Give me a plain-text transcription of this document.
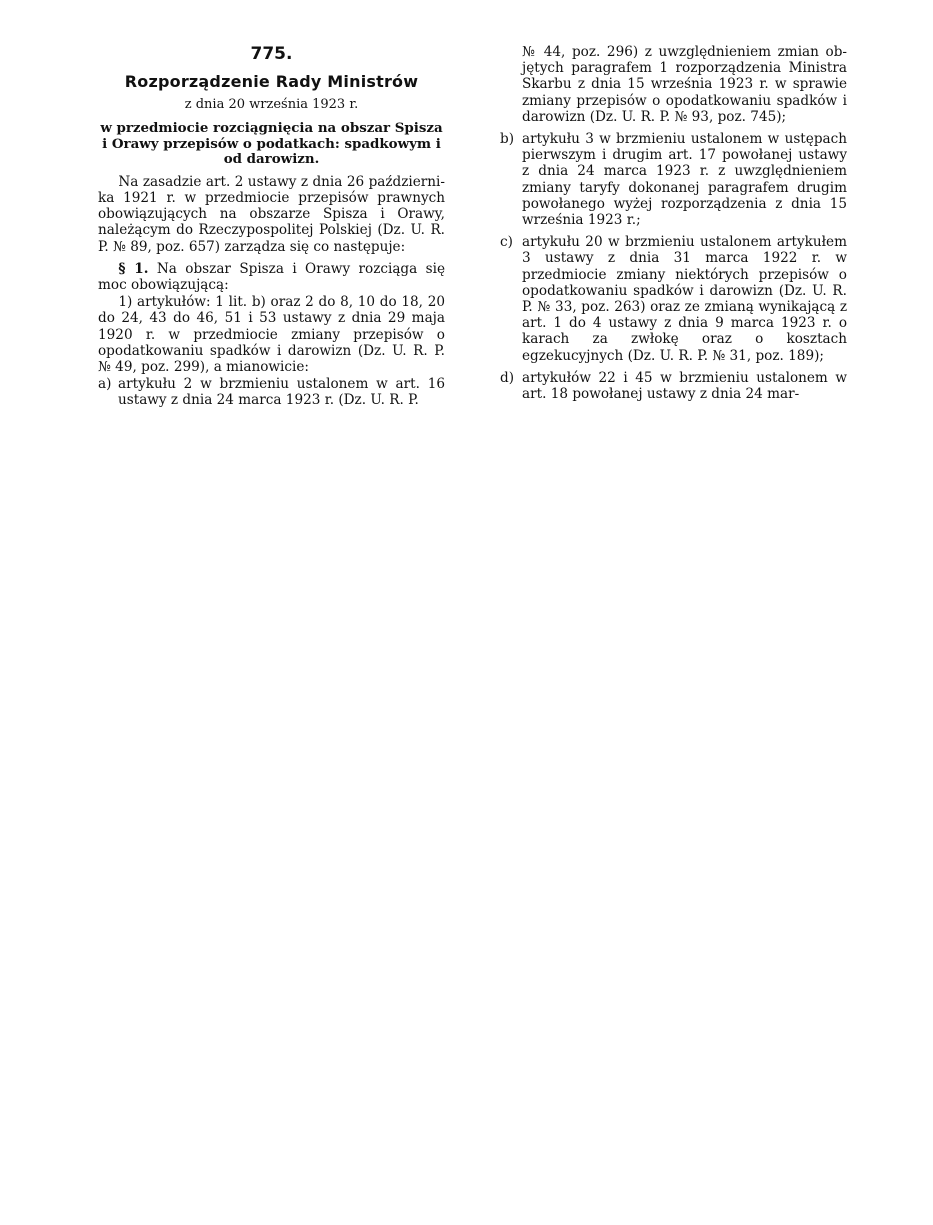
775.
Rozporządzenie Rady Ministrów
z dnia 20 września 1923 r.
w przedmiocie rozciągnięcia na obszar Spisza i Orawy przepisów o podatkach: spadkowym i od darowizn.
Na zasadzie art. 2 ustawy z dnia 26 października 1921 r. w przedmiocie przepisów prawnych obowiązujących na obszarze Spisza i Orawy, należącym do Rzeczypospolitej Polskiej (Dz. U. R. P. № 89, poz. 657) zarządza się co następuje:
§ 1. Na obszar Spisza i Orawy rozciąga się moc obowiązującą:
1) artykułów: 1 lit. b) oraz 2 do 8, 10 do 18, 20 do 24, 43 do 46, 51 i 53 ustawy z dnia 29 maja 1920 r. w przedmiocie zmiany przepisów o opodatkowaniu spadków i darowizn (Dz. U. R. P. № 49, poz. 299), a mianowicie:
a) artykułu 2 w brzmieniu ustalonem w art. 16 ustawy z dnia 24 marca 1923 r. (Dz. U. R. P.
№ 44, poz. 296) z uwzględnieniem zmian objętych paragrafem 1 rozporządzenia Ministra Skarbu z dnia 15 września 1923 r. w sprawie zmiany przepisów o opodatkowaniu spadków i darowizn (Dz. U. R. P. № 93, poz. 745);
b) artykułu 3 w brzmieniu ustalonem w ustępach pierwszym i drugim art. 17 powołanej ustawy z dnia 24 marca 1923 r. z uwzględnieniem zmiany taryfy dokonanej paragrafem drugim powołanego wyżej rozporządzenia z dnia 15 września 1923 r.;
c) artykułu 20 w brzmieniu ustalonem artykułem 3 ustawy z dnia 31 marca 1922 r. w przedmiocie zmiany niektórych przepisów o opodatkowaniu spadków i darowizn (Dz. U. R. P. № 33, poz. 263) oraz ze zmianą wynikającą z art. 1 do 4 ustawy z dnia 9 marca 1923 r. o karach za zwłokę oraz o kosztach egzekucyjnych (Dz. U. R. P. № 31, poz. 189);
d) artykułów 22 i 45 w brzmieniu ustalonem w art. 18 powołanej ustawy z dnia 24 mar-
